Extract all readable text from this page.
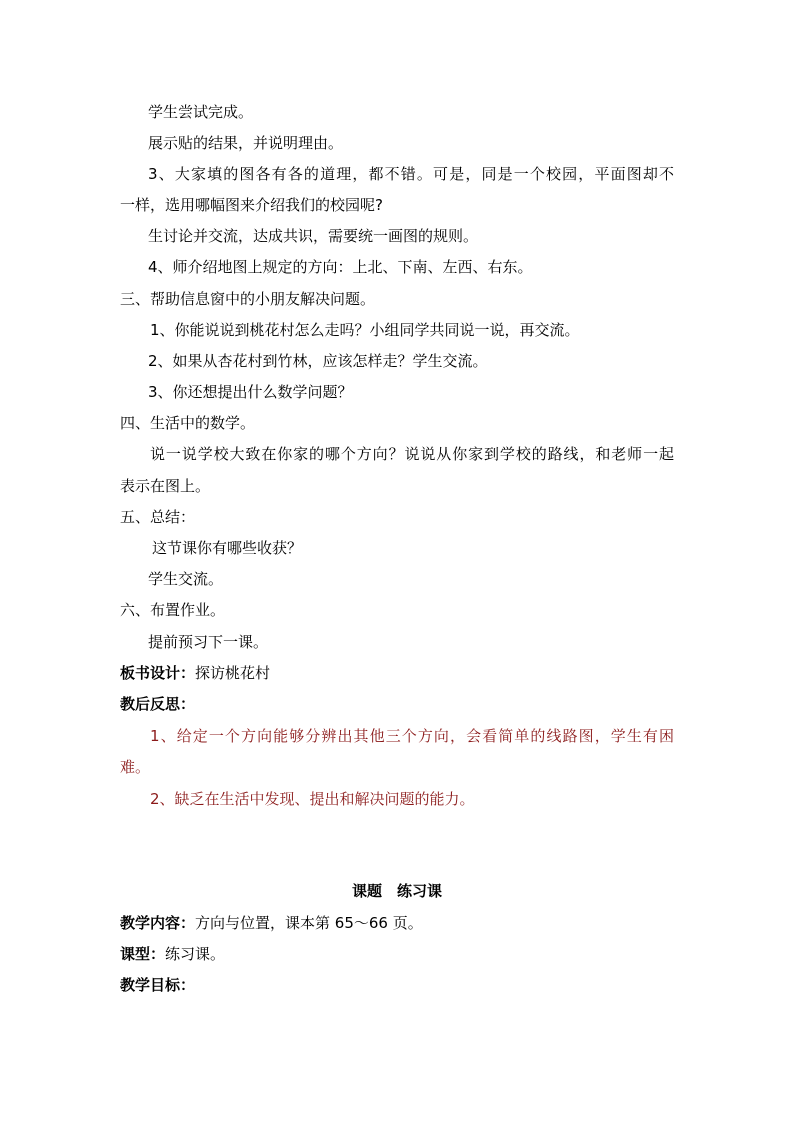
学生尝试完成。
展示贴的结果，并说明理由。
3、大家填的图各有各的道理，都不错。可是，同是一个校园，平面图却不
一样，选用哪幅图来介绍我们的校园呢?
生讨论并交流，达成共识，需要统一画图的规则。
4、师介绍地图上规定的方向：上北、下南、左西、右东。
三、帮助信息窗中的小朋友解决问题。
1、你能说说到桃花村怎么走吗？小组同学共同说一说，再交流。
2、如果从杏花村到竹林，应该怎样走？学生交流。
3、你还想提出什么数学问题？
四、生活中的数学。
说一说学校大致在你家的哪个方向？说说从你家到学校的路线，和老师一起
表示在图上。
五、总结：
这节课你有哪些收获？
学生交流。
六、布置作业。
提前预习下一课。
板书设计：探访桃花村
教后反思：
1、给定一个方向能够分辨出其他三个方向，会看简单的线路图，学生有困
难。
2、缺乏在生活中发现、提出和解决问题的能力。
课题　练习课
教学内容：方向与位置，课本第 65～66 页。
课型：练习课。
教学目标：
